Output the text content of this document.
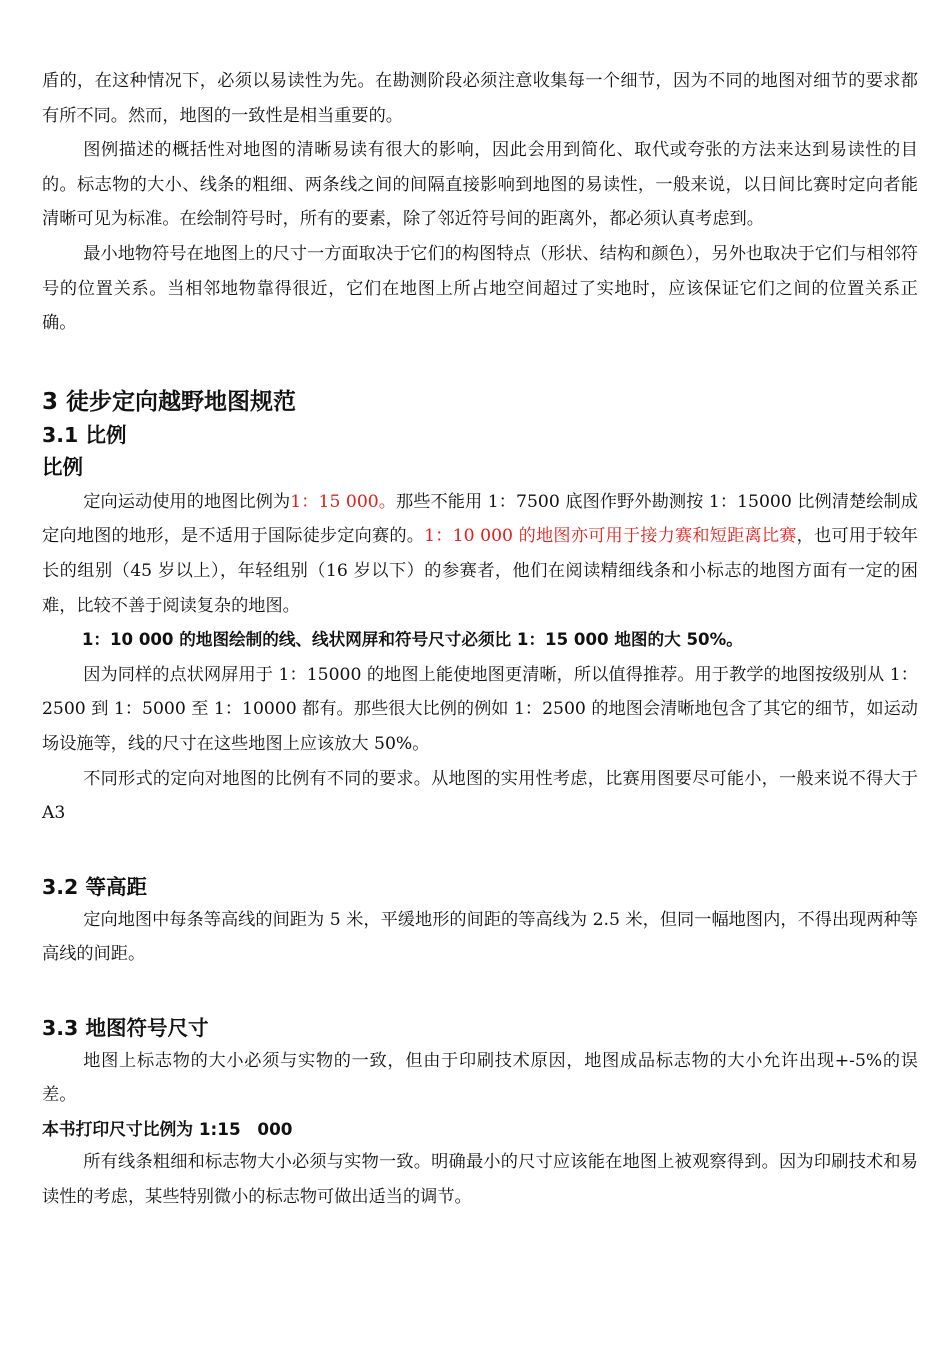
盾的，在这种情况下，必须以易读性为先。在勘测阶段必须注意收集每一个细节，因为不同的地图对细节的要求都有所不同。然而，地图的一致性是相当重要的。

图例描述的概括性对地图的清晰易读有很大的影响，因此会用到简化、取代或夸张的方法来达到易读性的目的。标志物的大小、线条的粗细、两条线之间的间隔直接影响到地图的易读性，一般来说，以日间比赛时定向者能清晰可见为标准。在绘制符号时，所有的要素，除了邻近符号间的距离外，都必须认真考虑到。

最小地物符号在地图上的尺寸一方面取决于它们的构图特点（形状、结构和颜色），另外也取决于它们与相邻符号的位置关系。当相邻地物靠得很近，它们在地图上所占地空间超过了实地时，应该保证它们之间的位置关系正确。

3 徒步定向越野地图规范
3.1 比例
比例

定向运动使用的地图比例为1：15 000。那些不能用 1：7500 底图作野外勘测按 1：15000 比例清楚绘制成定向地图的地形，是不适用于国际徒步定向赛的。1：10 000 的地图亦可用于接力赛和短距离比赛，也可用于较年长的组别（45 岁以上），年轻组别（16 岁以下）的参赛者，他们在阅读精细线条和小标志的地图方面有一定的困难，比较不善于阅读复杂的地图。

1：10 000 的地图绘制的线、线状网屏和符号尺寸必须比 1：15 000 地图的大 50%。

因为同样的点状网屏用于 1：15000 的地图上能使地图更清晰，所以值得推荐。用于教学的地图按级别从 1：2500 到 1：5000 至 1：10000 都有。那些很大比例的例如 1：2500 的地图会清晰地包含了其它的细节，如运动场设施等，线的尺寸在这些地图上应该放大 50%。

不同形式的定向对地图的比例有不同的要求。从地图的实用性考虑，比赛用图要尽可能小，一般来说不得大于 A3

3.2 等高距

定向地图中每条等高线的间距为 5 米，平缓地形的间距的等高线为 2.5 米，但同一幅地图内，不得出现两种等高线的间距。

3.3 地图符号尺寸

地图上标志物的大小必须与实物的一致，但由于印刷技术原因，地图成品标志物的大小允许出现+-5%的误差。

本书打印尺寸比例为 1:15　000

所有线条粗细和标志物大小必须与实物一致。明确最小的尺寸应该能在地图上被观察得到。因为印刷技术和易读性的考虑，某些特别微小的标志物可做出适当的调节。
